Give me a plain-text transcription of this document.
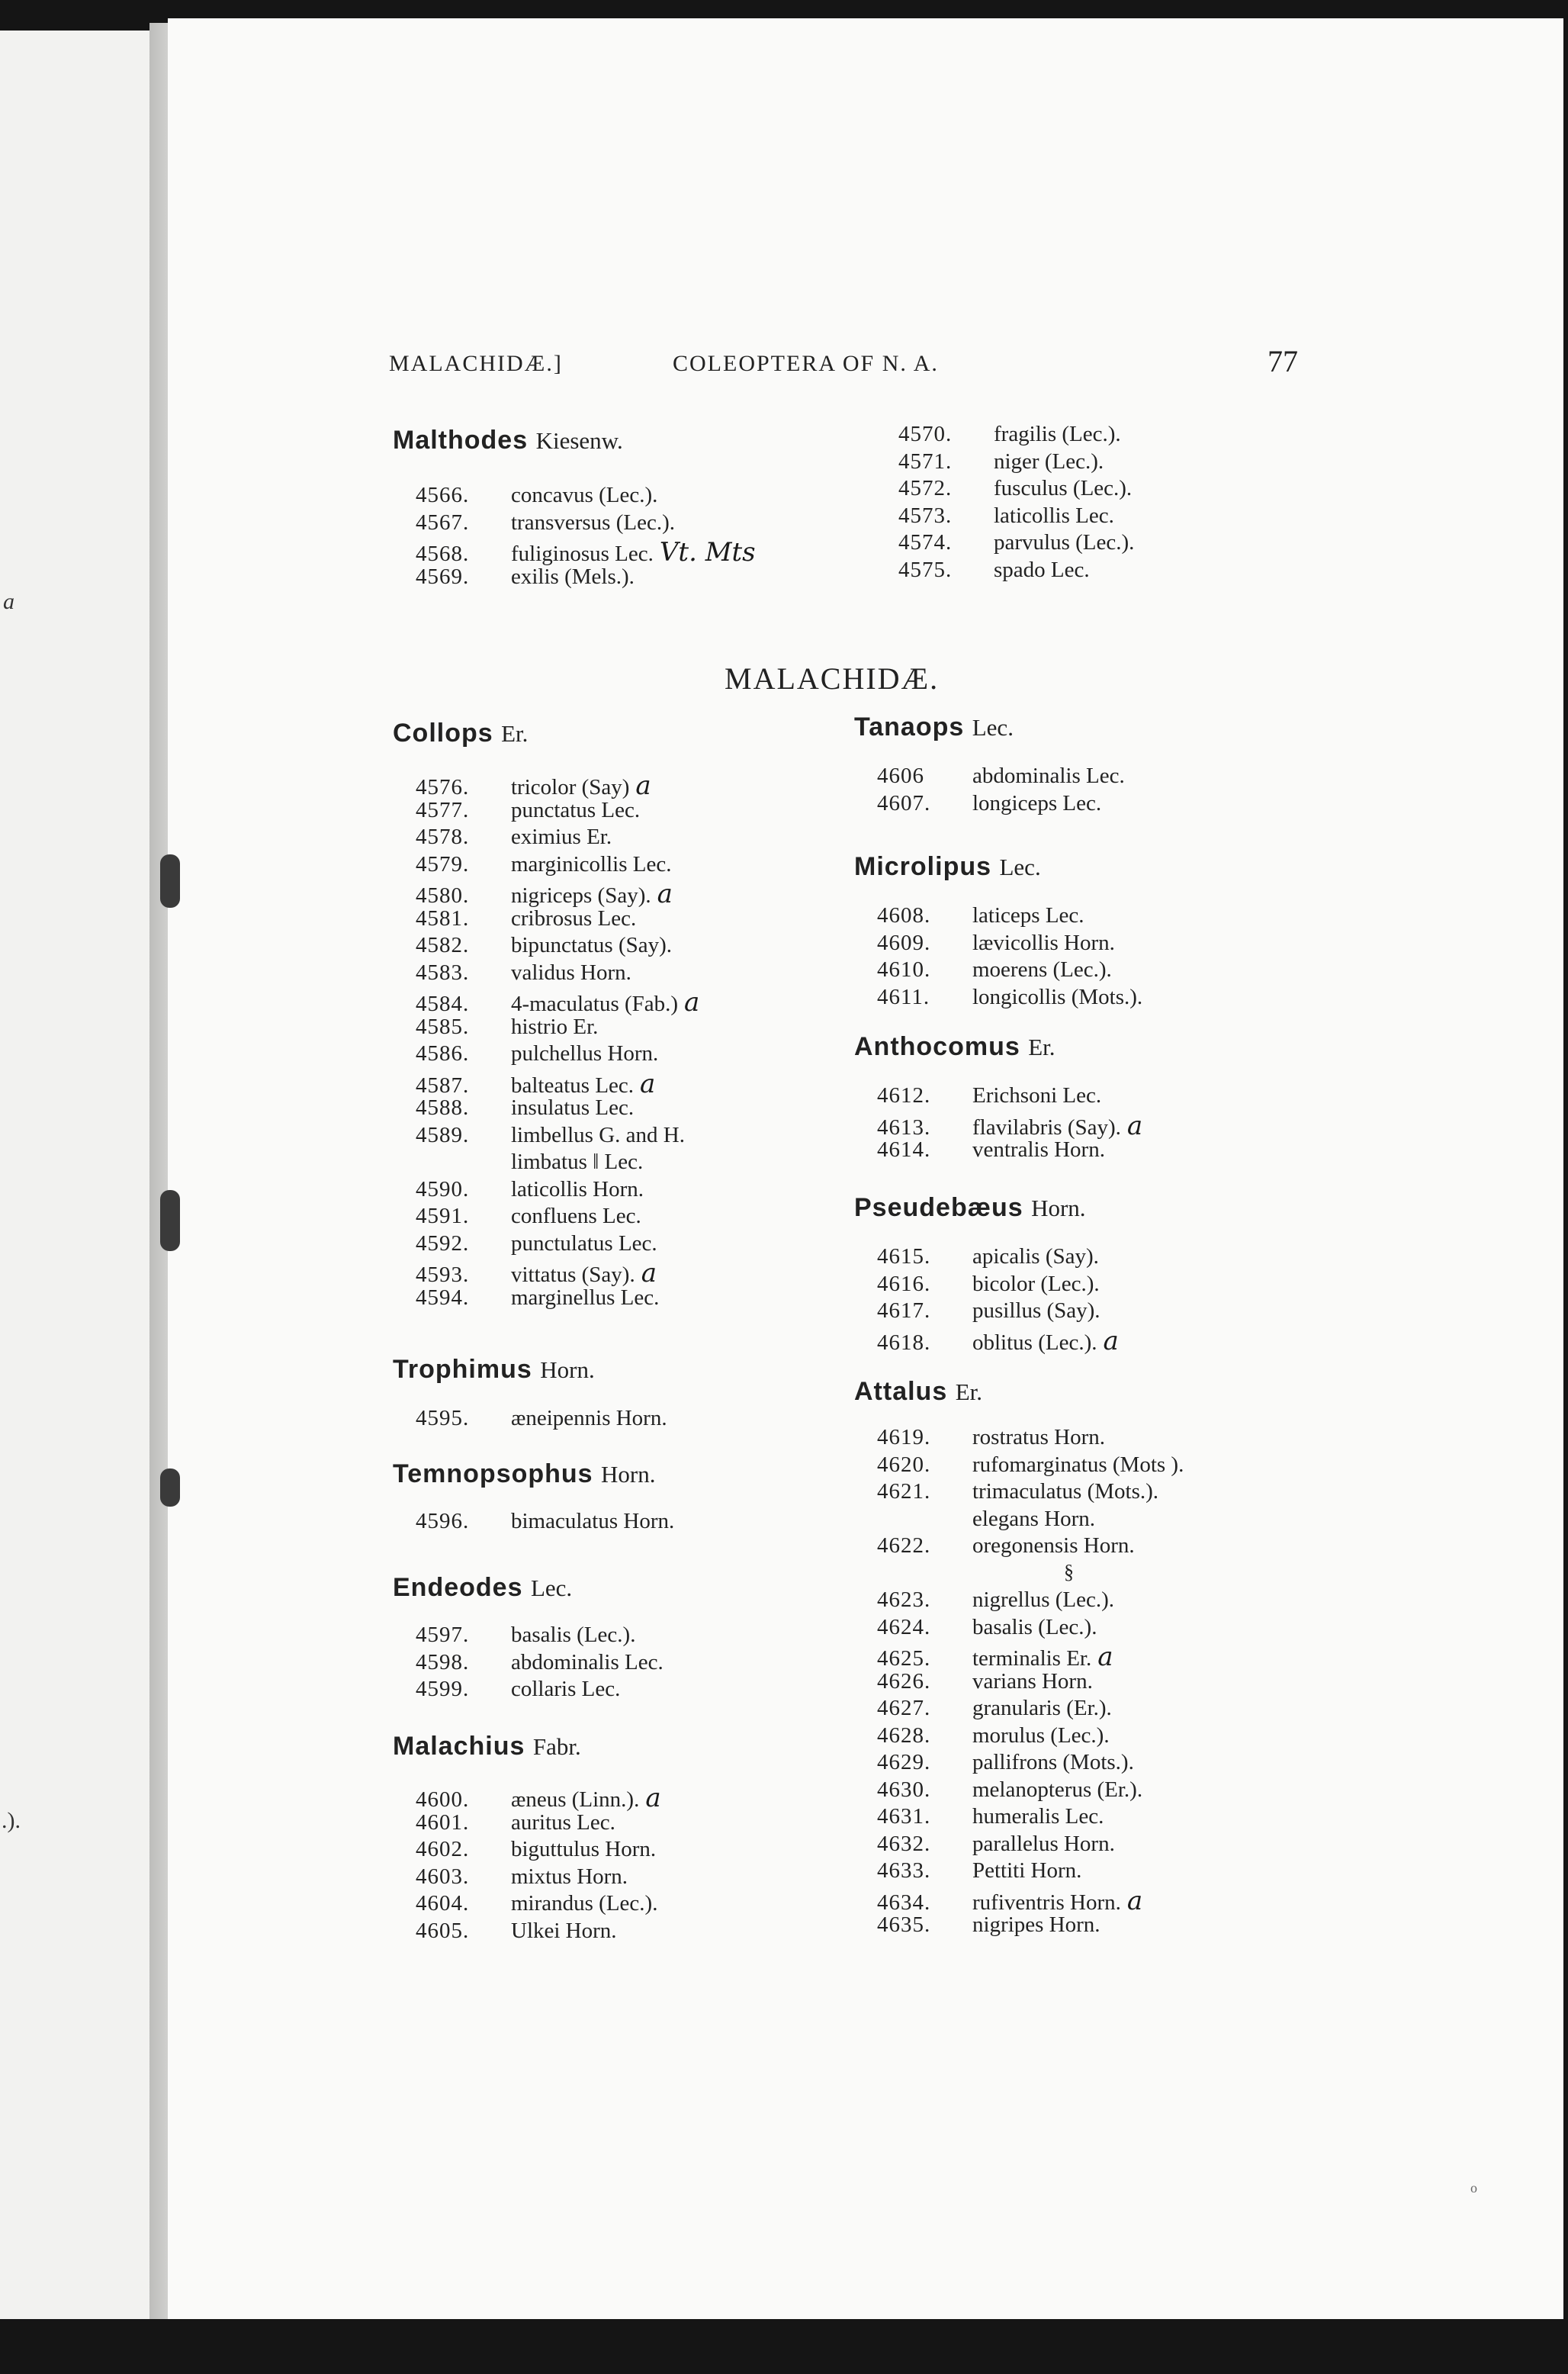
a
.).
o
MALACHIDÆ.]	COLEOPTERA OF N. A.	77
MALACHIDÆ.
Malthodes Kiesenw.
4566.	concavus (Lec.).
4567.	transversus (Lec.).
4568.	fuliginosus Lec. Vt. Mts
4569.	exilis (Mels.).
4570.	fragilis (Lec.).
4571.	niger (Lec.).
4572.	fusculus (Lec.).
4573.	laticollis Lec.
4574.	parvulus (Lec.).
4575.	spado Lec.
Collops Er.
4576.	tricolor (Say) a
4577.	punctatus Lec.
4578.	eximius Er.
4579.	marginicollis Lec.
4580.	nigriceps (Say). a
4581.	cribrosus Lec.
4582.	bipunctatus (Say).
4583.	validus Horn.
4584.	4-maculatus (Fab.) a
4585.	histrio Er.
4586.	pulchellus Horn.
4587.	balteatus Lec. a
4588.	insulatus Lec.
4589.	limbellus G. and H.
limbatus ‖ Lec.
4590.	laticollis Horn.
4591.	confluens Lec.
4592.	punctulatus Lec.
4593.	vittatus (Say). a
4594.	marginellus Lec.
Trophimus Horn.
4595.	æneipennis Horn.
Temnopsophus Horn.
4596.	bimaculatus Horn.
Endeodes Lec.
4597.	basalis (Lec.).
4598.	abdominalis Lec.
4599.	collaris Lec.
Malachius Fabr.
4600.	æneus (Linn.). a
4601.	auritus Lec.
4602.	biguttulus Horn.
4603.	mixtus Horn.
4604.	mirandus (Lec.).
4605.	Ulkei Horn.
Tanaops Lec.
4606	abdominalis Lec.
4607.	longiceps Lec.
Microlipus Lec.
4608.	laticeps Lec.
4609.	lævicollis Horn.
4610.	moerens (Lec.).
4611.	longicollis (Mots.).
Anthocomus Er.
4612.	Erichsoni Lec.
4613.	flavilabris (Say). a
4614.	ventralis Horn.
Pseudebæus Horn.
4615.	apicalis (Say).
4616.	bicolor (Lec.).
4617.	pusillus (Say).
4618.	oblitus (Lec.). a
Attalus Er.
4619.	rostratus Horn.
4620.	rufomarginatus (Mots ).
4621.	trimaculatus (Mots.).
elegans Horn.
4622.	oregonensis Horn.
§
4623.	nigrellus (Lec.).
4624.	basalis (Lec.).
4625.	terminalis Er. a
4626.	varians Horn.
4627.	granularis (Er.).
4628.	morulus (Lec.).
4629.	pallifrons (Mots.).
4630.	melanopterus (Er.).
4631.	humeralis Lec.
4632.	parallelus Horn.
4633.	Pettiti Horn.
4634.	rufiventris Horn. a
4635.	nigripes Horn.
